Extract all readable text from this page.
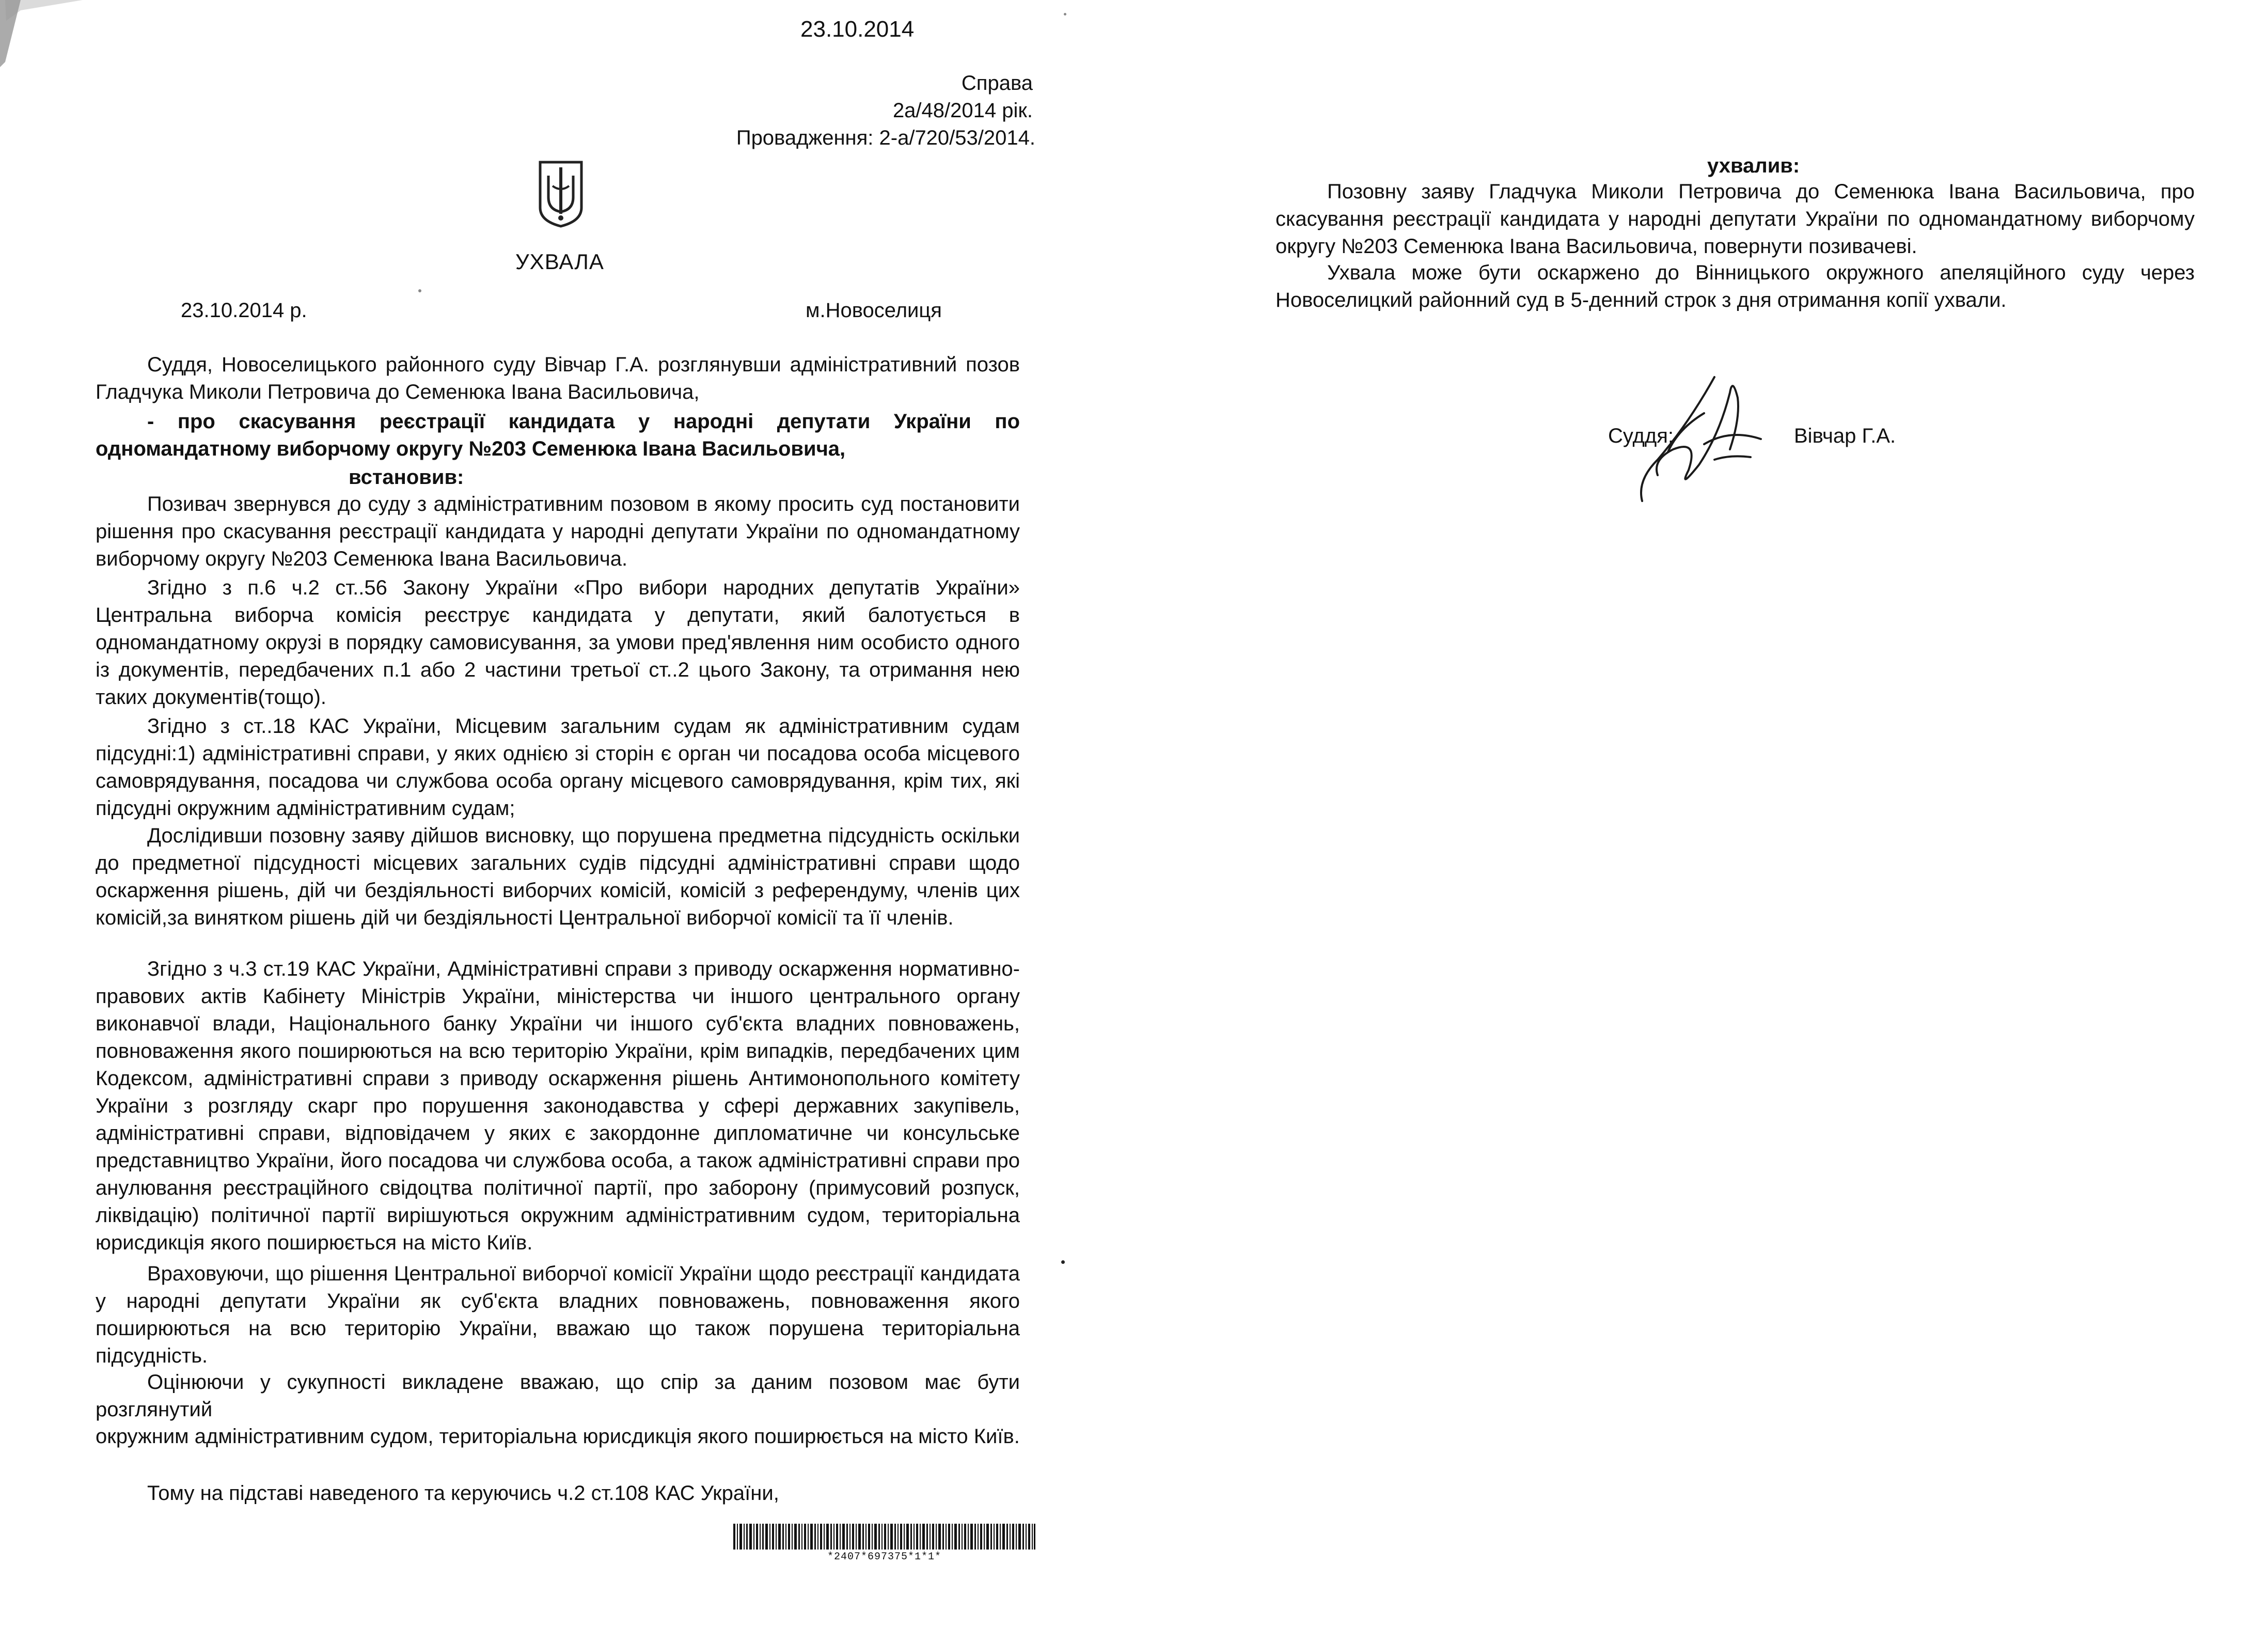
23.10.2014
Справа
2а/48/2014 рік.
Провадження: 2-а/720/53/2014.
УХВАЛА
23.10.2014 р.	м.Новоселиця
Суддя, Новоселицького районного суду Вівчар Г.А. розглянувши адміністративний позов Гладчука Миколи Петровича до Семенюка Івана Васильовича,
- про скасування реєстрації кандидата у народні депутати України по одномандатному виборчому округу №203 Семенюка Івана Васильовича,
встановив:
Позивач звернувся до суду з адміністративним позовом в якому просить суд постановити рішення про скасування реєстрації кандидата у народні депутати України по одномандатному виборчому округу №203 Семенюка Івана Васильовича.
Згідно з п.6 ч.2 ст..56 Закону України «Про вибори народних депутатів України» Центральна виборча комісія реєструє кандидата у депутати, який балотується в одномандатному окрузі в порядку самовисування, за умови пред'явлення ним особисто одного із документів, передбачених п.1 або 2 частини третьої ст..2 цього Закону, та отримання нею таких документів(тощо).
Згідно з ст..18 КАС України, Місцевим загальним судам як адміністративним судам підсудні:1) адміністративні справи, у яких однією зі сторін є орган чи посадова особа місцевого самоврядування, посадова чи службова особа органу місцевого самоврядування, крім тих, які підсудні окружним адміністративним судам;
Дослідивши позовну заяву дійшов висновку, що порушена предметна підсудність оскільки до предметної підсудності місцевих загальних судів підсудні адміністративні справи щодо оскарження рішень, дій чи бездіяльності виборчих комісій, комісій з референдуму, членів цих комісій,за винятком рішень дій чи бездіяльності Центральної виборчої комісії та її членів.
Згідно з ч.3 ст.19 КАС України, Адміністративні справи з приводу оскарження нормативно-правових актів Кабінету Міністрів України, міністерства чи іншого центрального органу виконавчої влади, Національного банку України чи іншого суб'єкта владних повноважень, повноваження якого поширюються на всю територію України, крім випадків, передбачених цим Кодексом, адміністративні справи з приводу оскарження рішень Антимонопольного комітету України з розгляду скарг про порушення законодавства у сфері державних закупівель, адміністративні справи, відповідачем у яких є закордонне дипломатичне чи консульське представництво України, його посадова чи службова особа, а також адміністративні справи про анулювання реєстраційного свідоцтва політичної партії, про заборону (примусовий розпуск, ліквідацію) політичної партії вирішуються окружним адміністративним судом, територіальна юрисдикція якого поширюється на місто Київ.
Враховуючи, що рішення Центральної виборчої комісії України щодо реєстрації кандидата у народні депутати України як суб'єкта владних повноважень, повноваження якого поширюються на всю територію України, вважаю що також порушена територіальна підсудність.
Оцінюючи у сукупності викладене вважаю, що спір за даним позовом має бути розглянутий
окружним адміністративним судом, територіальна юрисдикція якого поширюється на місто Київ.
Тому на підставі наведеного та керуючись ч.2 ст.108 КАС України,
*2407*697375*1*1*
ухвалив:
Позовну заяву Гладчука Миколи Петровича до Семенюка Івана Васильовича, про скасування реєстрації кандидата у народні депутати України по одномандатному виборчому округу №203 Семенюка Івана Васильовича, повернути позивачеві.
Ухвала може бути оскаржено до Вінницького окружного апеляційного суду через Новоселицкий районний суд в 5-денний строк з дня отримання копії ухвали.
Суддя:	Вівчар Г.А.
